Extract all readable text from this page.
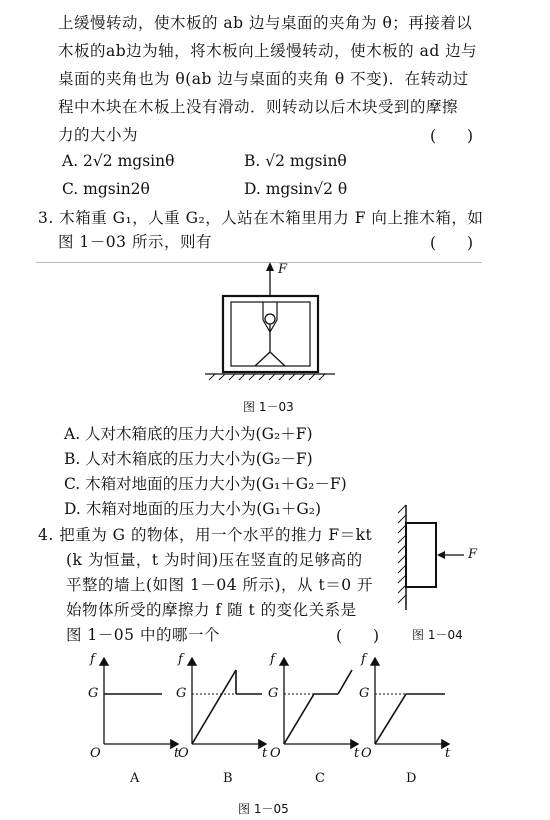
上缓慢转动，使木板的 ab 边与桌面的夹角为 θ；再接着以
木板的ab边为轴，将木板向上缓慢转动，使木板的 ad 边与
桌面的夹角也为 θ(ab 边与桌面的夹角 θ 不变)．在转动过
程中木块在木板上没有滑动．则转动以后木块受到的摩擦
力的大小为	(　　)
A. 2√2 mgsinθ	B. √2 mgsinθ
C. mgsin2θ	D. mgsin√2 θ
3. 木箱重 G₁，人重 G₂，人站在木箱里用力 F 向上推木箱，如
图 1－03 所示，则有	(　　)
F
图 1－03
A. 人对木箱底的压力大小为(G₂＋F)
B. 人对木箱底的压力大小为(G₂－F)
C. 木箱对地面的压力大小为(G₁＋G₂－F)
D. 木箱对地面的压力大小为(G₁＋G₂)
4. 把重为 G 的物体，用一个水平的推力 F＝kt
(k 为恒量，t 为时间)压在竖直的足够高的
平整的墙上(如图 1－04 所示)，从 t＝0 开
始物体所受的摩擦力 f 随 t 的变化关系是
图 1－05 中的哪一个	(　　)
F
图 1－04
f	f	f	f
G	G	G	G
O	O	O	O
t	t	t	t
A	B	C	D
图 1－05
